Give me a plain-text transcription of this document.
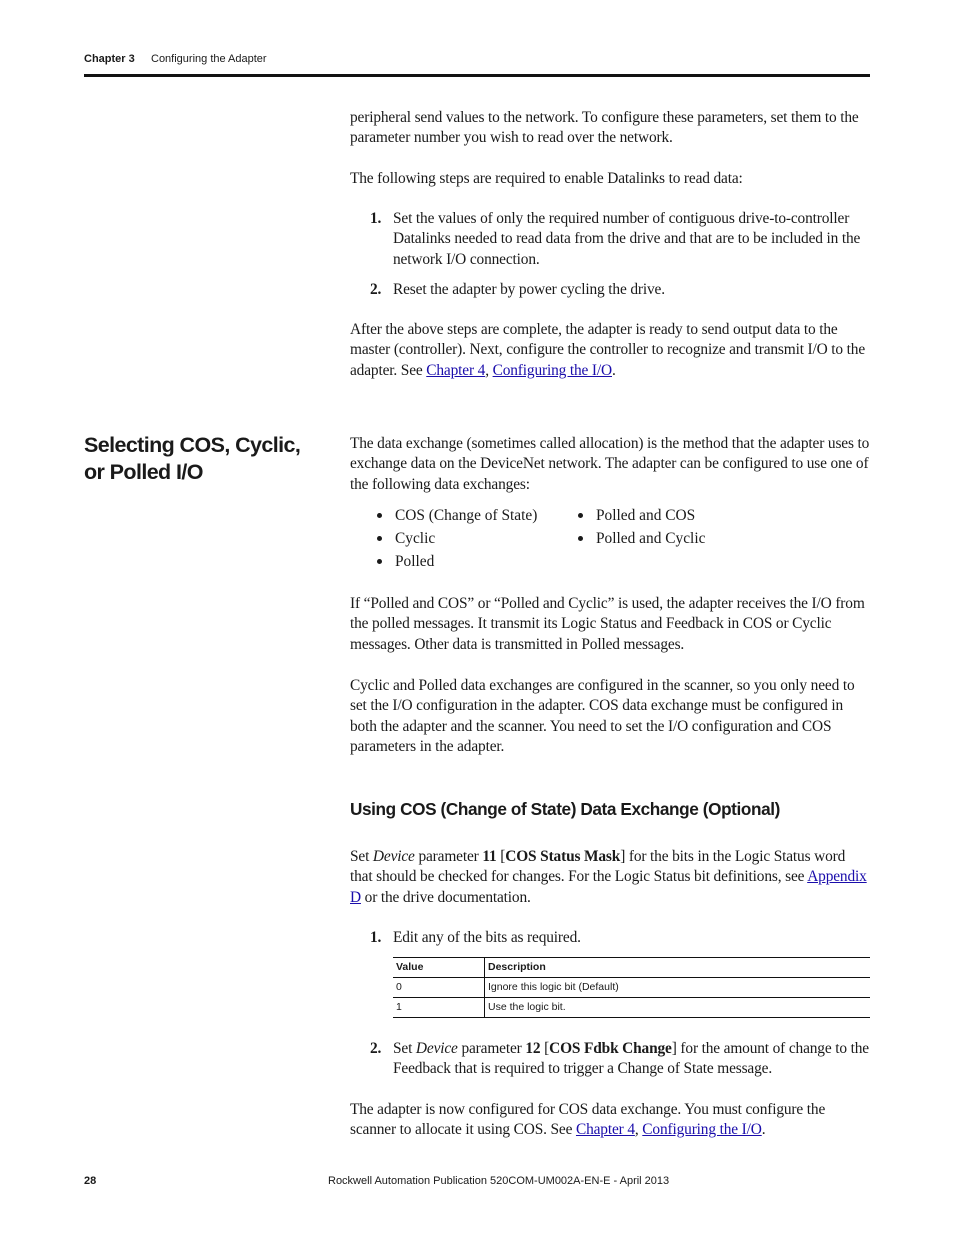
Chapter 3 Configuring the Adapter

peripheral send values to the network. To configure these parameters, set them to the parameter number you wish to read over the network.

The following steps are required to enable Datalinks to read data:

1. Set the values of only the required number of contiguous drive-to-controller Datalinks needed to read data from the drive and that are to be included in the network I/O connection.
2. Reset the adapter by power cycling the drive.

After the above steps are complete, the adapter is ready to send output data to the master (controller). Next, configure the controller to recognize and transmit I/O to the adapter. See Chapter 4, Configuring the I/O.

Selecting COS, Cyclic, or Polled I/O

The data exchange (sometimes called allocation) is the method that the adapter uses to exchange data on the DeviceNet network. The adapter can be configured to use one of the following data exchanges:

COS (Change of State)
Cyclic
Polled
Polled and COS
Polled and Cyclic

If “Polled and COS” or “Polled and Cyclic” is used, the adapter receives the I/O from the polled messages. It transmit its Logic Status and Feedback in COS or Cyclic messages. Other data is transmitted in Polled messages.

Cyclic and Polled data exchanges are configured in the scanner, so you only need to set the I/O configuration in the adapter. COS data exchange must be configured in both the adapter and the scanner. You need to set the I/O configuration and COS parameters in the adapter.

Using COS (Change of State) Data Exchange (Optional)

Set Device parameter 11 [COS Status Mask] for the bits in the Logic Status word that should be checked for changes. For the Logic Status bit definitions, see Appendix D or the drive documentation.

1. Edit any of the bits as required.
Value	Description
0	Ignore this logic bit (Default)
1	Use the logic bit.
2. Set Device parameter 12 [COS Fdbk Change] for the amount of change to the Feedback that is required to trigger a Change of State message.

The adapter is now configured for COS data exchange. You must configure the scanner to allocate it using COS. See Chapter 4, Configuring the I/O.

28	Rockwell Automation Publication 520COM-UM002A-EN-E - April 2013
